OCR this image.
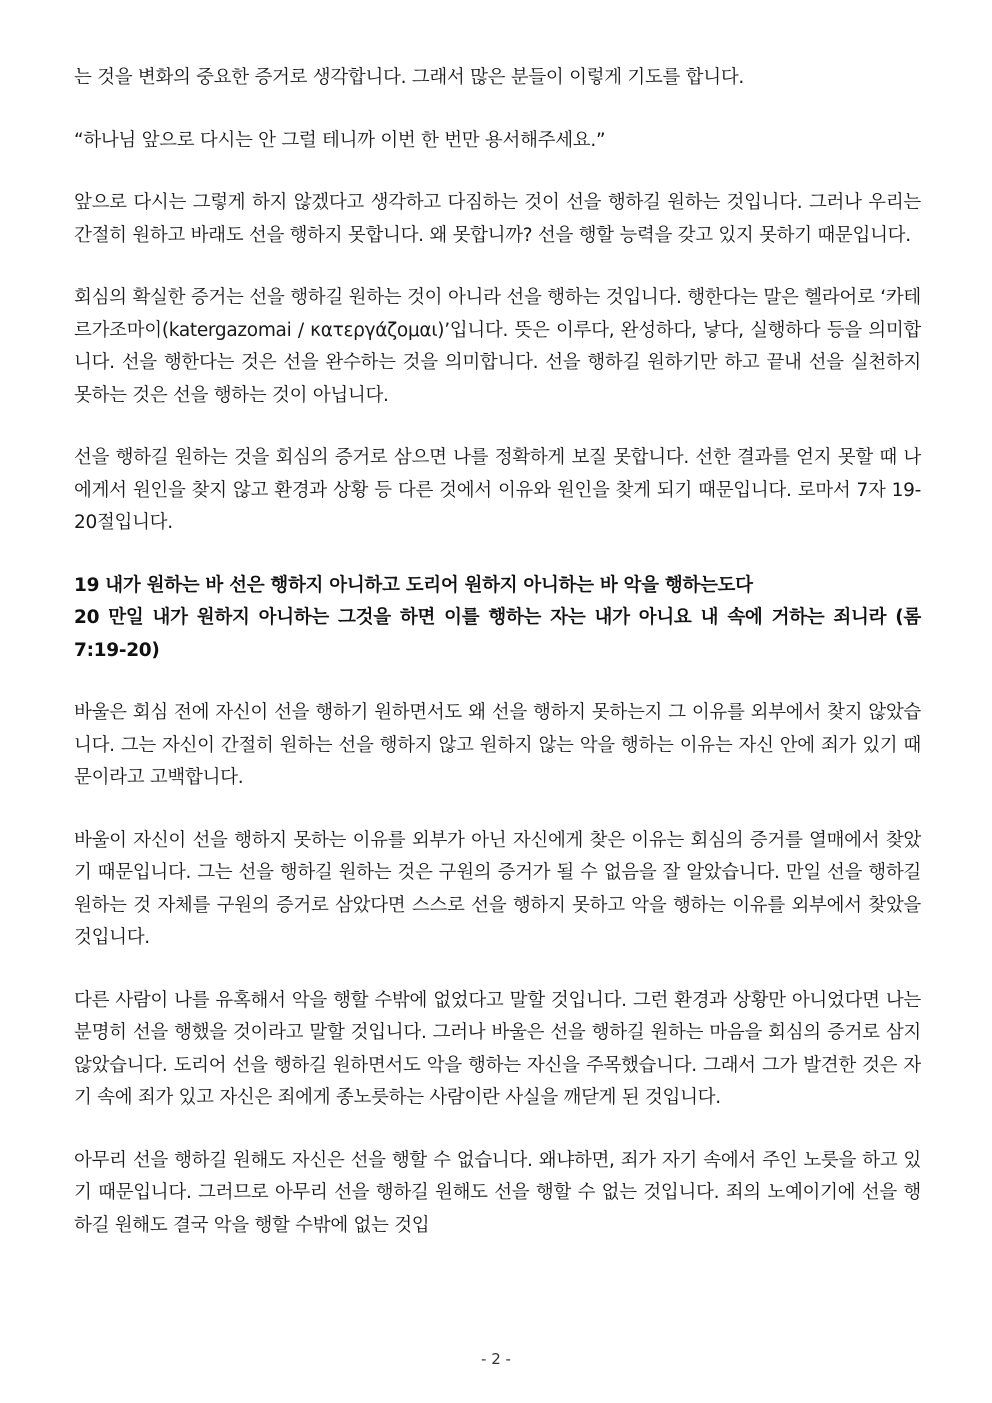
는 것을 변화의 중요한 증거로 생각합니다. 그래서 많은 분들이 이렇게 기도를 합니다.

“하나님 앞으로 다시는 안 그럴 테니까 이번 한 번만 용서해주세요.”

앞으로 다시는 그렇게 하지 않겠다고 생각하고 다짐하는 것이 선을 행하길 원하는 것입니다. 그러나 우리는 간절히 원하고 바래도 선을 행하지 못합니다. 왜 못합니까? 선을 행할 능력을 갖고 있지 못하기 때문입니다.

회심의 확실한 증거는 선을 행하길 원하는 것이 아니라 선을 행하는 것입니다. 행한다는 말은 헬라어로 ‘카테르가조마이(katergazomai / κατεργάζομαι)’입니다. 뜻은 이루다, 완성하다, 낳다, 실행하다 등을 의미합니다. 선을 행한다는 것은 선을 완수하는 것을 의미합니다. 선을 행하길 원하기만 하고 끝내 선을 실천하지 못하는 것은 선을 행하는 것이 아닙니다.

선을 행하길 원하는 것을 회심의 증거로 삼으면 나를 정확하게 보질 못합니다. 선한 결과를 얻지 못할 때 나에게서 원인을 찾지 않고 환경과 상황 등 다른 것에서 이유와 원인을 찾게 되기 때문입니다. 로마서 7자 19-20절입니다.

19 내가 원하는 바 선은 행하지 아니하고 도리어 원하지 아니하는 바 악을 행하는도다
20 만일 내가 원하지 아니하는 그것을 하면 이를 행하는 자는 내가 아니요 내 속에 거하는 죄니라 (롬 7:19-20)

바울은 회심 전에 자신이 선을 행하기 원하면서도 왜 선을 행하지 못하는지 그 이유를 외부에서 찾지 않았습니다. 그는 자신이 간절히 원하는 선을 행하지 않고 원하지 않는 악을 행하는 이유는 자신 안에 죄가 있기 때문이라고 고백합니다.

바울이 자신이 선을 행하지 못하는 이유를 외부가 아닌 자신에게 찾은 이유는 회심의 증거를 열매에서 찾았기 때문입니다. 그는 선을 행하길 원하는 것은 구원의 증거가 될 수 없음을 잘 알았습니다. 만일 선을 행하길 원하는 것 자체를 구원의 증거로 삼았다면 스스로 선을 행하지 못하고 악을 행하는 이유를 외부에서 찾았을 것입니다.

다른 사람이 나를 유혹해서 악을 행할 수밖에 없었다고 말할 것입니다. 그런 환경과 상황만 아니었다면 나는 분명히 선을 행했을 것이라고 말할 것입니다. 그러나 바울은 선을 행하길 원하는 마음을 회심의 증거로 삼지 않았습니다. 도리어 선을 행하길 원하면서도 악을 행하는 자신을 주목했습니다. 그래서 그가 발견한 것은 자기 속에 죄가 있고 자신은 죄에게 종노릇하는 사람이란 사실을 깨닫게 된 것입니다.

아무리 선을 행하길 원해도 자신은 선을 행할 수 없습니다. 왜냐하면, 죄가 자기 속에서 주인 노릇을 하고 있기 때문입니다. 그러므로 아무리 선을 행하길 원해도 선을 행할 수 없는 것입니다. 죄의 노예이기에 선을 행하길 원해도 결국 악을 행할 수밖에 없는 것입

- 2 -
